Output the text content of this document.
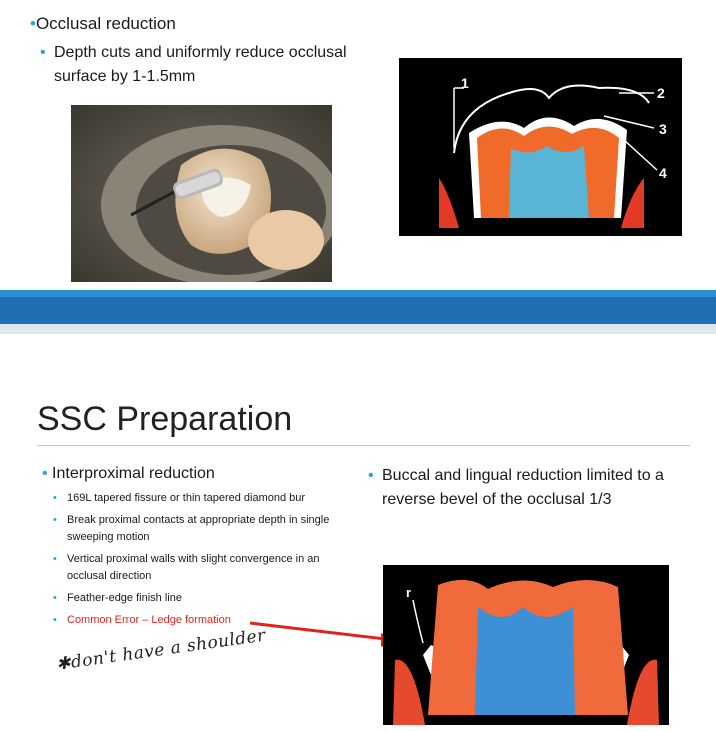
•Occlusal reduction
• Depth cuts and uniformly reduce occlusal surface by 1-1.5mm	1
2
3
4
SSC Preparation
• Interproximal reduction
• 169L tapered fissure or thin tapered diamond bur
• Break proximal contacts at appropriate depth in single sweeping motion
• Vertical proximal walls with slight convergence in an occlusal direction
• Feather-edge finish line
• Common Error – Ledge formation
• Buccal and lingual reduction limited to a reverse bevel of the occlusal 1/3
✱don't have a shoulder
r
